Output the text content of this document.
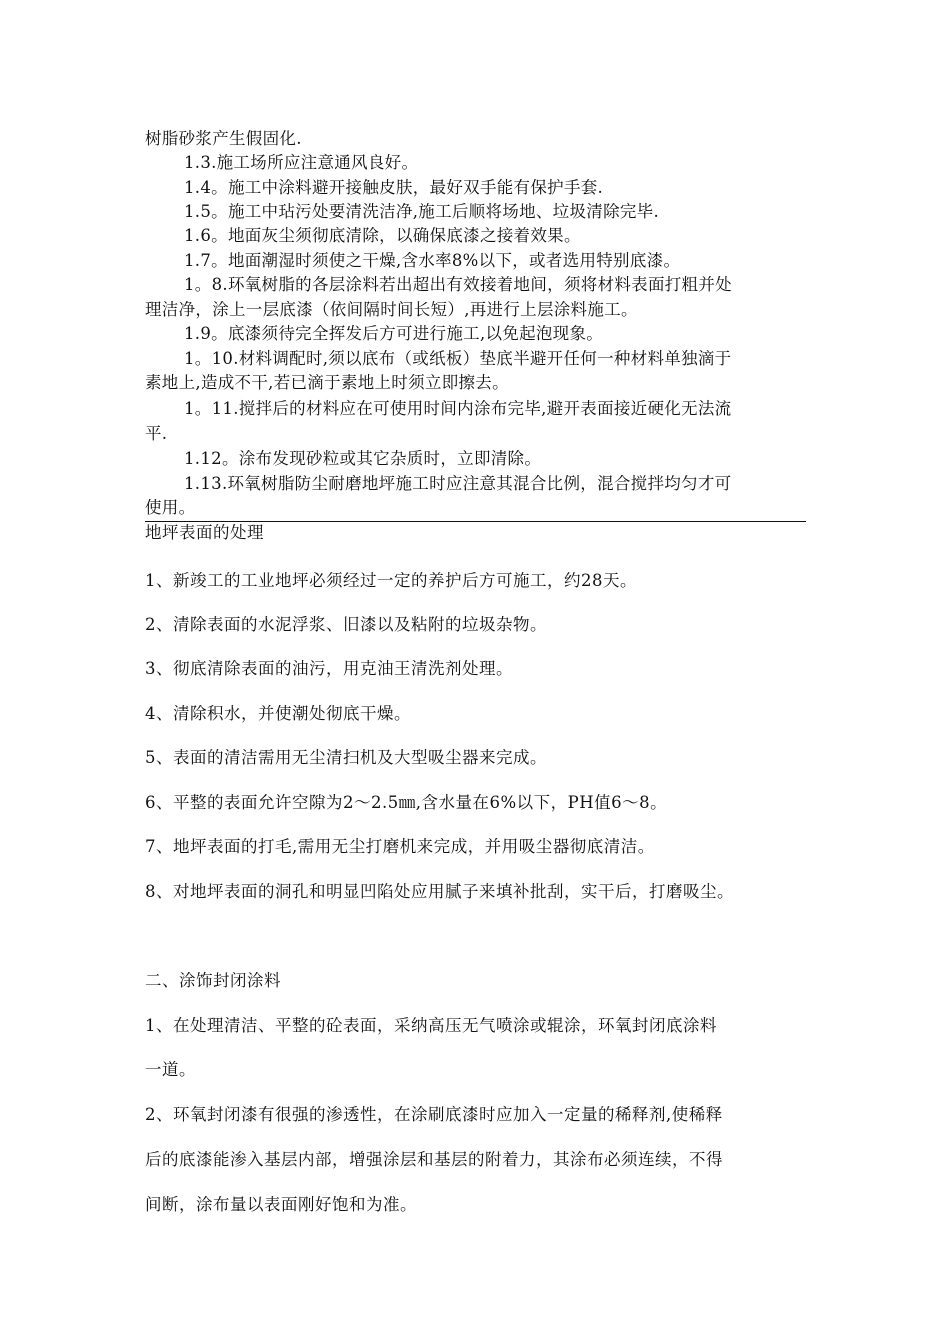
树脂砂浆产生假固化.
1.3.施工场所应注意通风良好。
1.4。施工中涂料避开接触皮肤，最好双手能有保护手套.
1.5。施工中玷污处要清洗洁净,施工后顺将场地、垃圾清除完毕.
1.6。地面灰尘须彻底清除，以确保底漆之接着效果。
1.7。地面潮湿时须使之干燥,含水率8%以下，或者选用特别底漆。
1。8.环氧树脂的各层涂料若出超出有效接着地间，须将材料表面打粗并处
理洁净，涂上一层底漆（依间隔时间长短）,再进行上层涂料施工。
1.9。底漆须待完全挥发后方可进行施工,以免起泡现象。
1。10.材料调配时,须以底布（或纸板）垫底半避开任何一种材料单独滴于
素地上,造成不干,若已滴于素地上时须立即擦去。
1。11.搅拌后的材料应在可使用时间内涂布完毕,避开表面接近硬化无法流
平.
1.12。涂布发现砂粒或其它杂质时，立即清除。
1.13.环氧树脂防尘耐磨地坪施工时应注意其混合比例，混合搅拌均匀才可
使用。
地坪表面的处理
1、新竣工的工业地坪必须经过一定的养护后方可施工，约28天。
2、清除表面的水泥浮浆、旧漆以及粘附的垃圾杂物。
3、彻底清除表面的油污，用克油王清洗剂处理。
4、清除积水，并使潮处彻底干燥。
5、表面的清洁需用无尘清扫机及大型吸尘器来完成。
6、平整的表面允许空隙为2～2.5㎜,含水量在6%以下，PH值6～8。
7、地坪表面的打毛,需用无尘打磨机来完成，并用吸尘器彻底清洁。
8、对地坪表面的洞孔和明显凹陷处应用腻子来填补批刮，实干后，打磨吸尘。
二、涂饰封闭涂料
1、在处理清洁、平整的砼表面，采纳高压无气喷涂或辊涂，环氧封闭底涂料
一道。
2、环氧封闭漆有很强的渗透性，在涂刷底漆时应加入一定量的稀释剂,使稀释
后的底漆能渗入基层内部，增强涂层和基层的附着力，其涂布必须连续，不得
间断，涂布量以表面刚好饱和为准。
